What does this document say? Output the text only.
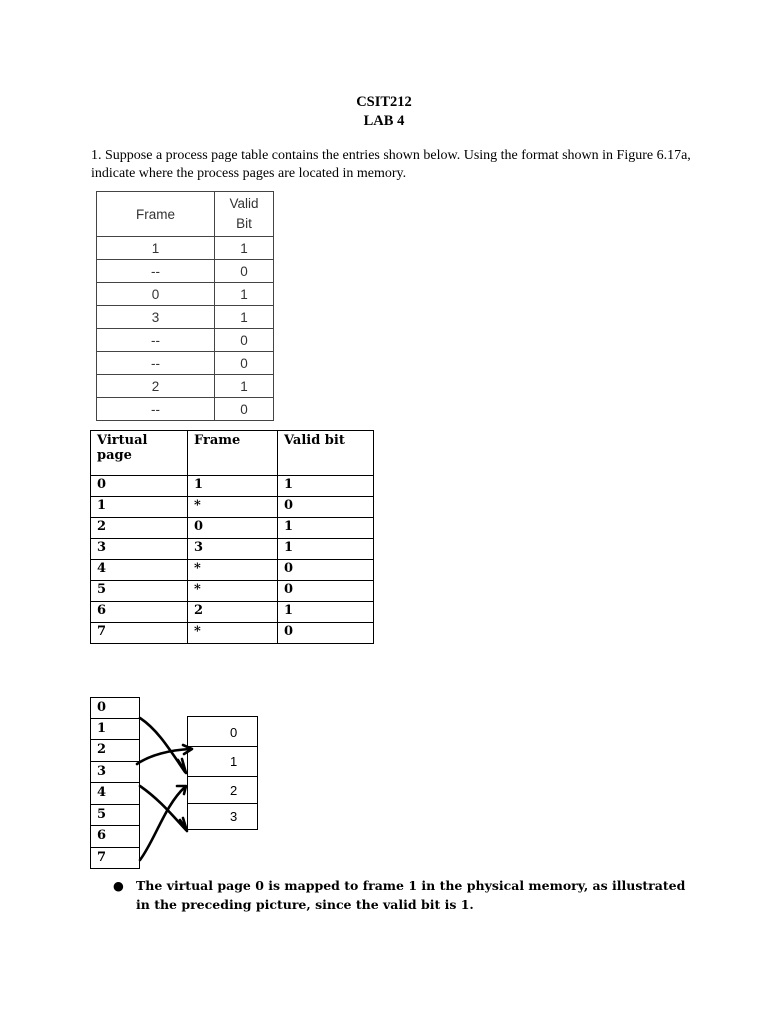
CSIT212
LAB 4
1. Suppose a process page table contains the entries shown below. Using the format shown in Figure 6.17a, indicate where the process pages are located in memory.
Frame	Valid Bit
1	1
--	0
0	1
3	1
--	0
--	0
2	1
--	0
Virtual page	Frame	Valid bit
0	1	1
1	*	0
2	0	1
3	3	1
4	*	0
5	*	0
6	2	1
7	*	0
0
1
2
3
4
5
6
7
0
1
2
3
● The virtual page 0 is mapped to frame 1 in the physical memory, as illustrated in the preceding picture, since the valid bit is 1.
